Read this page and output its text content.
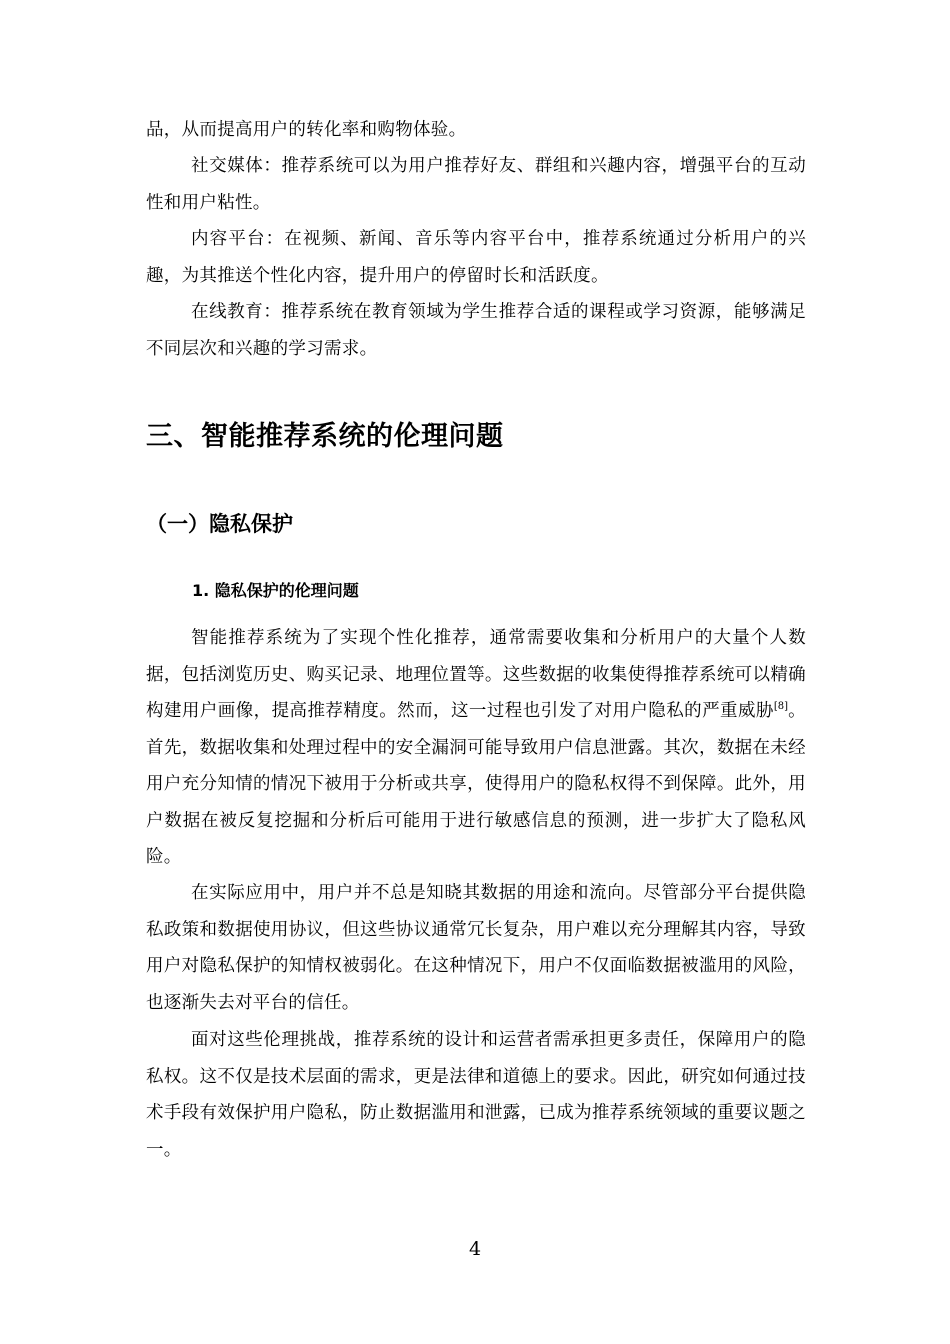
品，从而提高用户的转化率和购物体验。

社交媒体：推荐系统可以为用户推荐好友、群组和兴趣内容，增强平台的互动性和用户粘性。

内容平台：在视频、新闻、音乐等内容平台中，推荐系统通过分析用户的兴趣，为其推送个性化内容，提升用户的停留时长和活跃度。

在线教育：推荐系统在教育领域为学生推荐合适的课程或学习资源，能够满足不同层次和兴趣的学习需求。

三、智能推荐系统的伦理问题
（一）隐私保护
1. 隐私保护的伦理问题

智能推荐系统为了实现个性化推荐，通常需要收集和分析用户的大量个人数据，包括浏览历史、购买记录、地理位置等。这些数据的收集使得推荐系统可以精确构建用户画像，提高推荐精度。然而，这一过程也引发了对用户隐私的严重威胁[8]。首先，数据收集和处理过程中的安全漏洞可能导致用户信息泄露。其次，数据在未经用户充分知情的情况下被用于分析或共享，使得用户的隐私权得不到保障。此外，用户数据在被反复挖掘和分析后可能用于进行敏感信息的预测，进一步扩大了隐私风险。

在实际应用中，用户并不总是知晓其数据的用途和流向。尽管部分平台提供隐私政策和数据使用协议，但这些协议通常冗长复杂，用户难以充分理解其内容，导致用户对隐私保护的知情权被弱化。在这种情况下，用户不仅面临数据被滥用的风险，也逐渐失去对平台的信任。

面对这些伦理挑战，推荐系统的设计和运营者需承担更多责任，保障用户的隐私权。这不仅是技术层面的需求，更是法律和道德上的要求。因此，研究如何通过技术手段有效保护用户隐私，防止数据滥用和泄露，已成为推荐系统领域的重要议题之一。

4
